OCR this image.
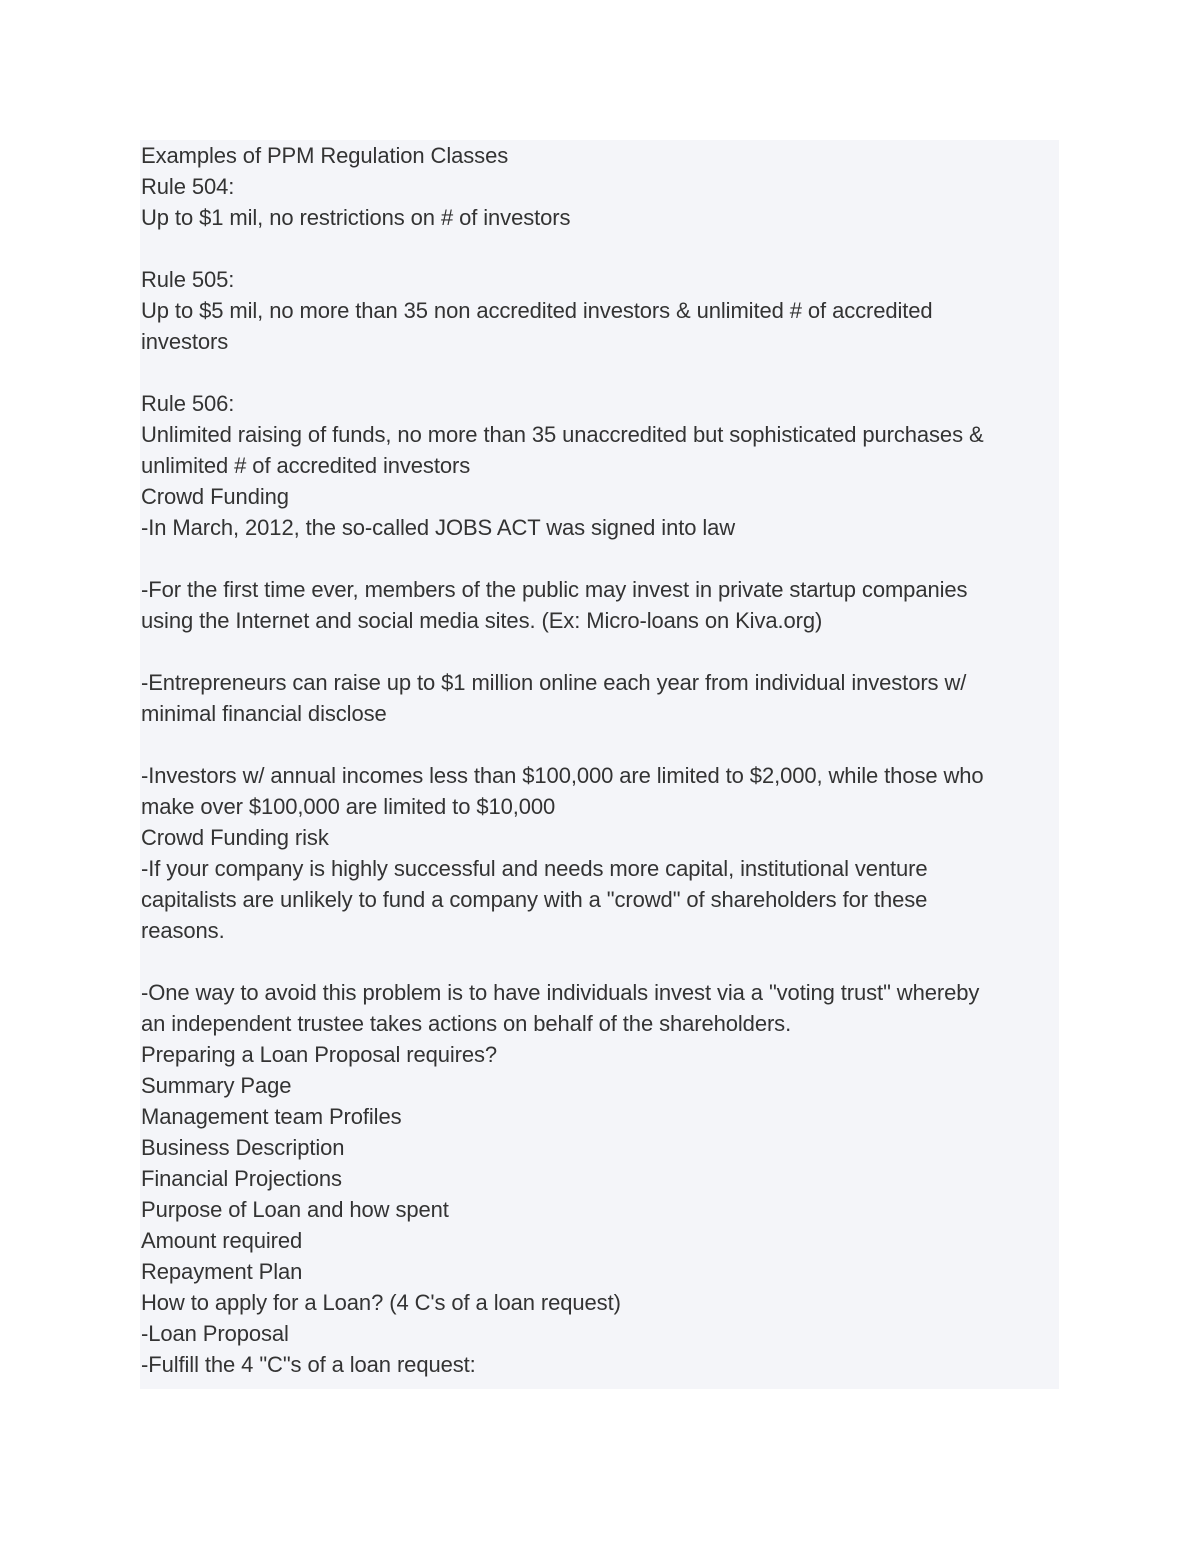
Examples of PPM Regulation Classes
Rule 504:
Up to $1 mil, no restrictions on # of investors
Rule 505:
Up to $5 mil, no more than 35 non accredited investors & unlimited # of accredited
investors
Rule 506:
Unlimited raising of funds, no more than 35 unaccredited but sophisticated purchases &
unlimited # of accredited investors
Crowd Funding
-In March, 2012, the so-called JOBS ACT was signed into law
-For the first time ever, members of the public may invest in private startup companies
using the Internet and social media sites. (Ex: Micro-loans on Kiva.org)
-Entrepreneurs can raise up to $1 million online each year from individual investors w/
minimal financial disclose
-Investors w/ annual incomes less than $100,000 are limited to $2,000, while those who
make over $100,000 are limited to $10,000
Crowd Funding risk
-If your company is highly successful and needs more capital, institutional venture
capitalists are unlikely to fund a company with a "crowd" of shareholders for these
reasons.
-One way to avoid this problem is to have individuals invest via a "voting trust" whereby
an independent trustee takes actions on behalf of the shareholders.
Preparing a Loan Proposal requires?
Summary Page
Management team Profiles
Business Description
Financial Projections
Purpose of Loan and how spent
Amount required
Repayment Plan
How to apply for a Loan? (4 C's of a loan request)
-Loan Proposal
-Fulfill the 4 "C"s of a loan request:
